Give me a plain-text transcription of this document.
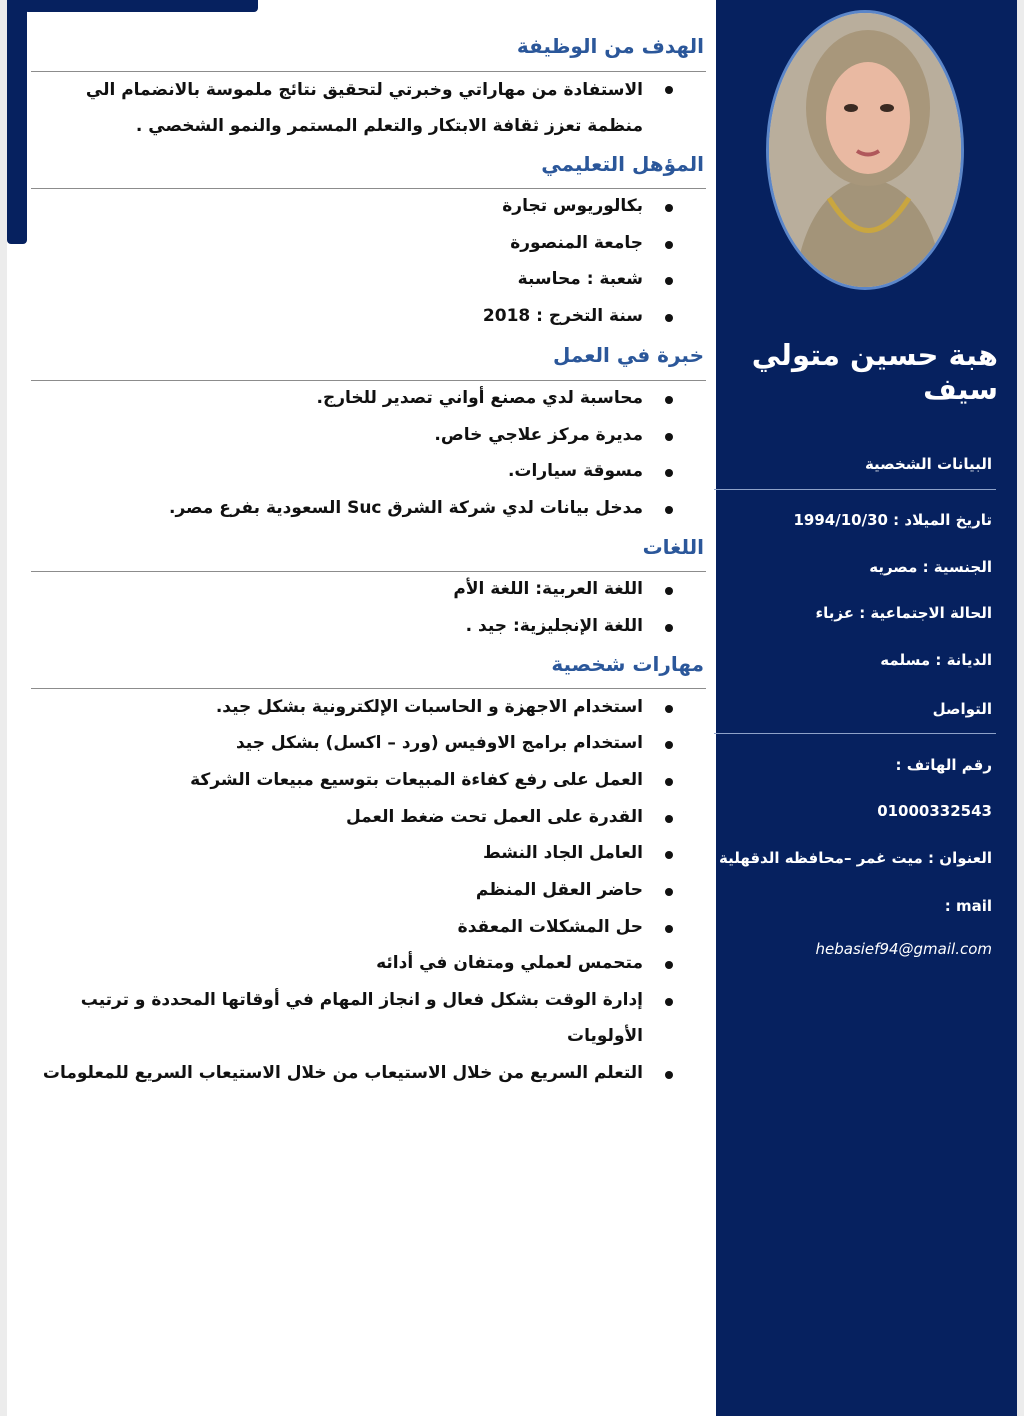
هبة حسين متولي سيف
البيانات الشخصية
تاريخ الميلاد : 1994/10/30
الجنسية : مصريه
الحالة الاجتماعية : عزباء
الديانة : مسلمه
التواصل
رقم الهاتف :
01000332543
العنوان : ميت غمر –محافظه الدقهلية
mail :
hebasief94@gmail.com
الهدف من الوظيفة
الاستفادة من مهاراتي وخبرتي لتحقيق نتائج ملموسة بالانضمام الي منظمة تعزز ثقافة الابتكار والتعلم المستمر والنمو الشخصي .
المؤهل التعليمي
بكالوريوس تجارة
جامعة المنصورة
شعبة : محاسبة
سنة التخرج : 2018
خبرة في العمل
محاسبة لدي مصنع أواني تصدير للخارج.
مديرة مركز علاجي خاص.
مسوقة سيارات.
مدخل بيانات لدي شركة الشرق Suc السعودية بفرع مصر.
اللغات
اللغة العربية: اللغة الأم
اللغة الإنجليزية: جيد .
مهارات شخصية
استخدام الاجهزة و الحاسبات الإلكترونية بشكل جيد.
استخدام برامج الاوفيس (ورد – اكسل) بشكل جيد
العمل على رفع كفاءة المبيعات بتوسيع مبيعات الشركة
القدرة على العمل تحت ضغط العمل
العامل الجاد النشط
حاضر العقل المنظم
حل المشكلات المعقدة
متحمس لعملي ومتفان في أدائه
إدارة الوقت بشكل فعال و انجاز المهام في أوقاتها المحددة و ترتيب الأولويات
التعلم السريع من خلال الاستيعاب من خلال الاستيعاب السريع للمعلومات
